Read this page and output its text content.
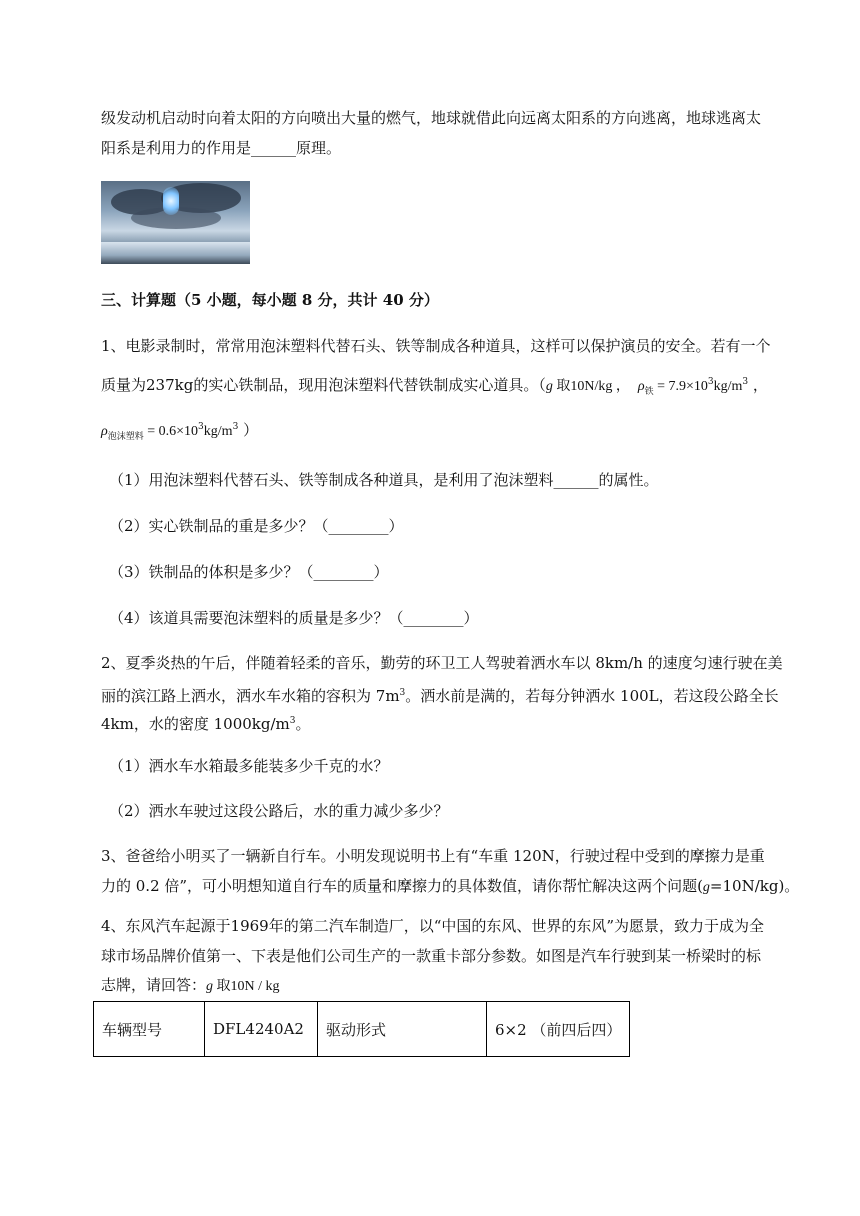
级发动机启动时向着太阳的方向喷出大量的燃气，地球就借此向远离太阳系的方向逃离，地球逃离太
阳系是利用力的作用是______原理。
三、计算题（5 小题，每小题 8 分，共计 40 分）
1、电影录制时，常常用泡沫塑料代替石头、铁等制成各种道具，这样可以保护演员的安全。若有一个
质量为237kg的实心铁制品，现用泡沫塑料代替铁制成实心道具。（g 取10N/kg ， $\rho_铁 = 7.9\times 10^3kg/m^3$ ，
$\rho_{泡沫塑料} = 0.6\times 10^3kg/m^3$ ）
（1）用泡沫塑料代替石头、铁等制成各种道具，是利用了泡沫塑料______的属性。
（2）实心铁制品的重是多少？（________）
（3）铁制品的体积是多少？（________）
（4）该道具需要泡沫塑料的质量是多少？（________）
2、夏季炎热的午后，伴随着轻柔的音乐，勤劳的环卫工人驾驶着洒水车以 8km/h 的速度匀速行驶在美
丽的滨江路上洒水，洒水车水箱的容积为 $7m^3$。洒水前是满的，若每分钟洒水 100L，若这段公路全长
4km，水的密度 $1000kg/m^3$。
（1）洒水车水箱最多能装多少千克的水？
（2）洒水车驶过这段公路后，水的重力减少多少？
3、爸爸给小明买了一辆新自行车。小明发现说明书上有“车重 120N，行驶过程中受到的摩擦力是重
力的 0.2 倍”，可小明想知道自行车的质量和摩擦力的具体数值，请你帮忙解决这两个问题(g=10N/kg)。
4、东风汽车起源于1969年的第二汽车制造厂，以“中国的东风、世界的东风”为愿景，致力于成为全
球市场品牌价值第一、下表是他们公司生产的一款重卡部分参数。如图是汽车行驶到某一桥梁时的标
志牌，请回答：g 取10N / kg
车辆型号	DFL4240A2	驱动形式	6×2 （前四后四）
